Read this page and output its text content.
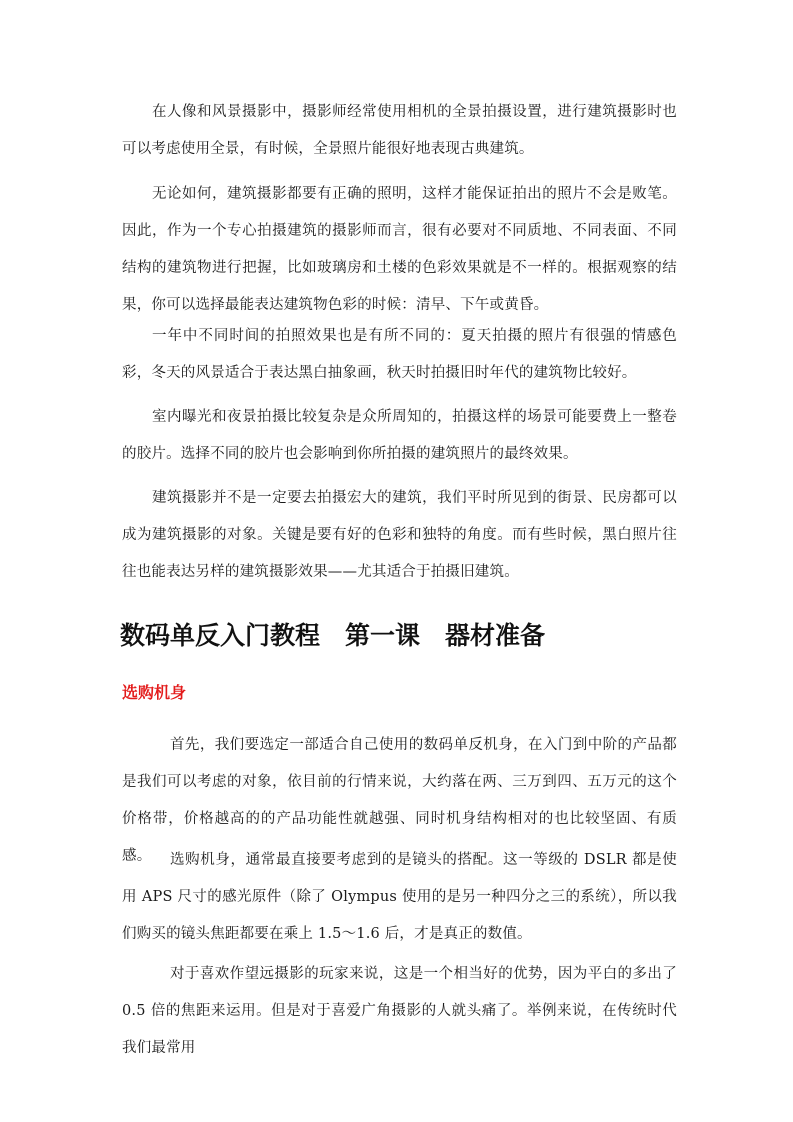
在人像和风景摄影中，摄影师经常使用相机的全景拍摄设置，进行建筑摄影时也可以考虑使用全景，有时候，全景照片能很好地表现古典建筑。

无论如何，建筑摄影都要有正确的照明，这样才能保证拍出的照片不会是败笔。因此，作为一个专心拍摄建筑的摄影师而言，很有必要对不同质地、不同表面、不同结构的建筑物进行把握，比如玻璃房和土楼的色彩效果就是不一样的。根据观察的结果，你可以选择最能表达建筑物色彩的时候：清早、下午或黄昏。

一年中不同时间的拍照效果也是有所不同的：夏天拍摄的照片有很强的情感色彩，冬天的风景适合于表达黑白抽象画，秋天时拍摄旧时年代的建筑物比较好。

室内曝光和夜景拍摄比较复杂是众所周知的，拍摄这样的场景可能要费上一整卷的胶片。选择不同的胶片也会影响到你所拍摄的建筑照片的最终效果。

建筑摄影并不是一定要去拍摄宏大的建筑，我们平时所见到的街景、民房都可以成为建筑摄影的对象。关键是要有好的色彩和独特的角度。而有些时候，黑白照片往往也能表达另样的建筑摄影效果——尤其适合于拍摄旧建筑。

数码单反入门教程　第一课　器材准备
选购机身

首先，我们要选定一部适合自己使用的数码单反机身，在入门到中阶的产品都是我们可以考虑的对象，依目前的行情来说，大约落在两、三万到四、五万元的这个价格带，价格越高的的产品功能性就越强、同时机身结构相对的也比较坚固、有质感。	选购机身，通常最直接要考虑到的是镜头的搭配。这一等级的 DSLR 都是使用 APS 尺寸的感光原件（除了 Olympus 使用的是另一种四分之三的系统），所以我们购买的镜头焦距都要在乘上 1.5～1.6 后，才是真正的数值。

对于喜欢作望远摄影的玩家来说，这是一个相当好的优势，因为平白的多出了 0.5 倍的焦距来运用。但是对于喜爱广角摄影的人就头痛了。举例来说，在传统时代我们最常用
